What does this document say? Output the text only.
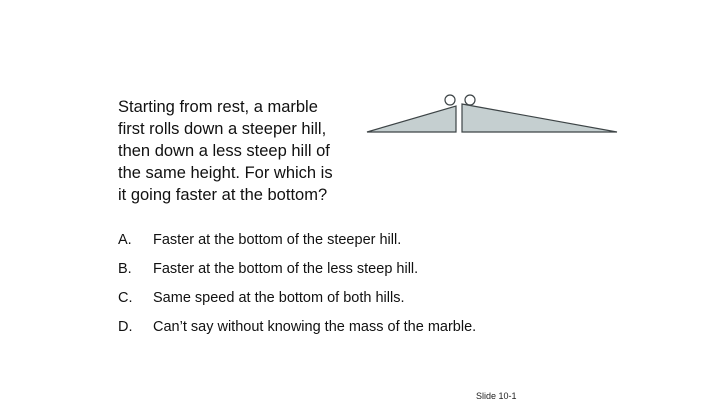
Starting from rest, a marble
first rolls down a steeper hill,
then down a less steep hill of
the same height. For which is
it going faster at the bottom?

A.	Faster at the bottom of the steeper hill.
B.	Faster at the bottom of the less steep hill.
C.	Same speed at the bottom of both hills.
D.	Can’t say without knowing the mass of the marble.
Slide 10-1
